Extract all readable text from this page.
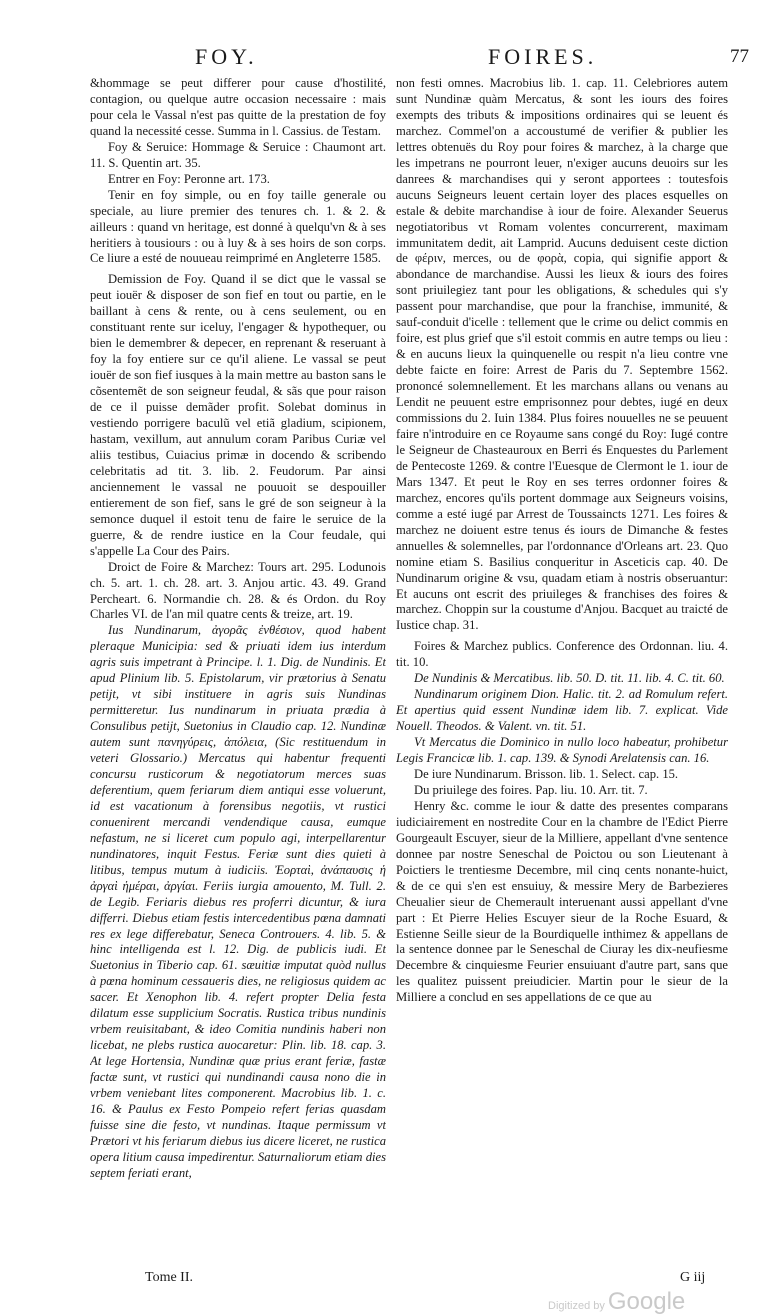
FOY.	FOIRES.	77

&hommage se peut differer pour cause d'hostilité, contagion, ou quelque autre occasion necessaire : mais pour cela le Vassal n'est pas quitte de la prestation de foy quand la necessité cesse. Summa in l. Cassius. de Testam.

Foy & Seruice: Hommage & Seruice : Chaumont art. 11. S. Quentin art. 35.

Entrer en Foy: Peronne art. 173.

Tenir en foy simple, ou en foy taille generale ou speciale, au liure premier des tenures ch. 1. & 2. & ailleurs : quand vn heritage, est donné à quelqu'vn & à ses heritiers à tousiours : ou à luy & à ses hoirs de son corps. Ce liure a esté de nouueau reimprimé en Angleterre 1585.

Demission de Foy. Quand il se dict que le vassal se peut iouër & disposer de son fief en tout ou partie, en le baillant à cens & rente, ou à cens seulement, ou en constituant rente sur iceluy, l'engager & hypothequer, ou bien le demembrer & depecer, en reprenant & reseruant à foy la foy entiere sur ce qu'il aliene. Le vassal se peut iouër de son fief iusques à la main mettre au baston sans le cõsentemẽt de son seigneur feudal, & sãs que pour raison de ce il puisse demãder profit. Solebat dominus in vestiendo porrigere baculũ vel etiã gladium, scipionem, hastam, vexillum, aut annulum coram Paribus Curiæ vel aliis testibus, Cuiacius primæ in docendo & scribendo celebritatis ad tit. 3. lib. 2. Feudorum. Par ainsi anciennement le vassal ne pouuoit se despouiller entierement de son fief, sans le gré de son seigneur à la semonce duquel il estoit tenu de faire le seruice de la guerre, & de rendre iustice en la Cour feudale, qui s'appelle La Cour des Pairs.

Droict de Foire & Marchez: Tours art. 295. Lodunois ch. 5. art. 1. ch. 28. art. 3. Anjou artic. 43. 49. Grand Percheart. 6. Normandie ch. 28. & és Ordon. du Roy Charles VI. de l'an mil quatre cents & treize, art. 19.

Ius Nundinarum, ἀγορᾶς ἐνθέσιον, quod habent pleraque Municipia: sed & priuati idem ius interdum agris suis impetrant à Principe. l. 1. Dig. de Nundinis. Et apud Plinium lib. 5. Epistolarum, vir prætorius à Senatu petijt, vt sibi instituere in agris suis Nundinas permitteretur. Ius nundinarum in priuata prædia à Consulibus petijt, Suetonius in Claudio cap. 12. Nundinæ autem sunt πανηγύρεις, ἀπόλεια, (Sic restituendum in veteri Glossario.) Mercatus qui habentur frequenti concursu rusticorum & negotiatorum merces suas deferentium, quem feriarum diem antiqui esse voluerunt, id est vacationum à forensibus negotiis, vt rustici conuenirent mercandi vendendique causa, eumque nefastum, ne si liceret cum populo agi, interpellarentur nundinatores, inquit Festus. Feriæ sunt dies quieti à litibus, tempus mutum à iudiciis. Ἐορταὶ, ἀνάπαυσις ἡ ἀργαὶ ἡμέραι, ἀργίαι. Feriis iurgia amouento, M. Tull. 2. de Legib. Feriaris diebus res proferri dicuntur, & iura differri. Diebus etiam festis intercedentibus pœna damnati res ex lege differebatur, Seneca Controuers. 4. lib. 5. & hinc intelligenda est l. 12. Dig. de publicis iudi. Et Suetonius in Tiberio cap. 61. sæuitiæ imputat quòd nullus à pœna hominum cessaueris dies, ne religiosus quidem ac sacer. Et Xenophon lib. 4. refert propter Delia festa dilatum esse supplicium Socratis. Rustica tribus nundinis vrbem reuisitabant, & ideo Comitia nundinis haberi non licebat, ne plebs rustica auocaretur: Plin. lib. 18. cap. 3. At lege Hortensia, Nundinæ quæ prius erant feriæ, fastæ factæ sunt, vt rustici qui nundinandi causa nono die in vrbem veniebant lites componerent. Macrobius lib. 1. c. 16. & Paulus ex Festo Pompeio refert ferias quasdam fuisse sine die festo, vt nundinas. Itaque permissum vt Prætori vt his feriarum diebus ius dicere liceret, ne rustica opera litium causa impedirentur. Saturnaliorum etiam dies septem feriati erant,

non festi omnes. Macrobius lib. 1. cap. 11. Celebriores autem sunt Nundinæ quàm Mercatus, & sont les iours des foires exempts des tributs & impositions ordinaires qui se leuent és marchez. Commel'on a accoustumé de verifier & publier les lettres obtenuës du Roy pour foires & marchez, à la charge que les impetrans ne pourront leuer, n'exiger aucuns deuoirs sur les danrees & marchandises qui y seront apportees : toutesfois aucuns Seigneurs leuent certain loyer des places esquelles on estale & debite marchandise à iour de foire. Alexander Seuerus negotiatoribus vt Romam volentes concurrerent, maximam immunitatem dedit, ait Lamprid. Aucuns deduisent ceste diction de φέριν, merces, ou de φορὰ, copia, qui signifie apport & abondance de marchandise. Aussi les lieux & iours des foires sont priuilegiez tant pour les obligations, & schedules qui s'y passent pour marchandise, que pour la franchise, immunité, & sauf-conduit d'icelle : tellement que le crime ou delict commis en foire, est plus grief que s'il estoit commis en autre temps ou lieu : & en aucuns lieux la quinquenelle ou respit n'a lieu contre vne debte faicte en foire: Arrest de Paris du 7. Septembre 1562. prononcé solemnellement. Et les marchans allans ou venans au Lendit ne peuuent estre emprisonnez pour debtes, iugé en deux commissions du 2. Iuin 1384. Plus foires nouuelles ne se peuuent faire n'introduire en ce Royaume sans congé du Roy: Iugé contre le Seigneur de Chasteauroux en Berri és Enquestes du Parlement de Pentecoste 1269. & contre l'Euesque de Clermont le 1. iour de Mars 1347. Et peut le Roy en ses terres ordonner foires & marchez, encores qu'ils portent dommage aux Seigneurs voisins, comme a esté iugé par Arrest de Toussaincts 1271. Les foires & marchez ne doiuent estre tenus és iours de Dimanche & festes annuelles & solemnelles, par l'ordonnance d'Orleans art. 23. Quo nomine etiam S. Basilius conqueritur in Asceticis cap. 40. De Nundinarum origine & vsu, quadam etiam à nostris obseruantur: Et aucuns ont escrit des priuileges & franchises des foires & marchez. Choppin sur la coustume d'Anjou. Bacquet au traicté de Iustice chap. 31.

Foires & Marchez publics. Conference des Ordonnan. liu. 4. tit. 10.

De Nundinis & Mercatibus. lib. 50. D. tit. 11. lib. 4. C. tit. 60.

Nundinarum originem Dion. Halic. tit. 2. ad Romulum refert. Et apertius quid essent Nundinæ idem lib. 7. explicat. Vide Nouell. Theodos. & Valent. vn. tit. 51.

Vt Mercatus die Dominico in nullo loco habeatur, prohibetur Legis Francicæ lib. 1. cap. 139. & Synodi Arelatensis can. 16.

De iure Nundinarum. Brisson. lib. 1. Select. cap. 15.

Du priuilege des foires. Pap. liu. 10. Arr. tit. 7.

Henry &c. comme le iour & datte des presentes comparans iudiciairement en nostredite Cour en la chambre de l'Edict Pierre Gourgeault Escuyer, sieur de la Milliere, appellant d'vne sentence donnee par nostre Seneschal de Poictou ou son Lieutenant à Poictiers le trentiesme Decembre, mil cinq cents nonante-huict, & de ce qui s'en est ensuiuy, & messire Mery de Barbezieres Cheualier sieur de Chemerault interuenant aussi appellant d'vne part : Et Pierre Helies Escuyer sieur de la Roche Esuard, & Estienne Seille sieur de la Bourdiquelle inthimez & appellans de la sentence donnee par le Seneschal de Ciuray les dix-neufiesme Decembre & cinquiesme Feurier ensuiuant d'autre part, sans que les qualitez puissent preiudicier. Martin pour le sieur de la Milliere a conclud en ses appellations de ce que au

Tome II.	G iij
Digitized by Google
